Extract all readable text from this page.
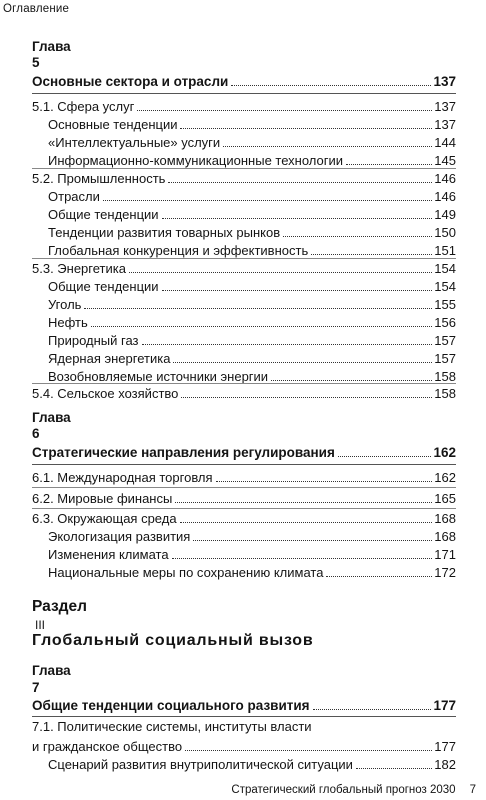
Оглавление
Глава
5
Основные сектора и отрасли	137
5.1. Сфера услуг	137
Основные тенденции	137
«Интеллектуальные» услуги	144
Информационно-коммуникационные технологии	145
5.2. Промышленность	146
Отрасли	146
Общие тенденции	149
Тенденции развития товарных рынков	150
Глобальная конкуренция и эффективность	151
5.3. Энергетика	154
Общие тенденции	154
Уголь	155
Нефть	156
Природный газ	157
Ядерная энергетика	157
Возобновляемые источники энергии	158
5.4. Сельское хозяйство	158
Глава
6
Стратегические направления регулирования	162
6.1. Международная торговля	162
6.2. Мировые финансы	165
6.3. Окружающая среда	168
Экологизация развития	168
Изменения климата	171
Национальные меры по сохранению климата	172
Раздел
III
Глобальный социальный вызов
Глава
7
Общие тенденции социального развития	177
7.1. Политические системы, институты власти
и гражданское общество	177
Сценарий развития внутриполитической ситуации	182
Стратегический глобальный прогноз 2030 7
